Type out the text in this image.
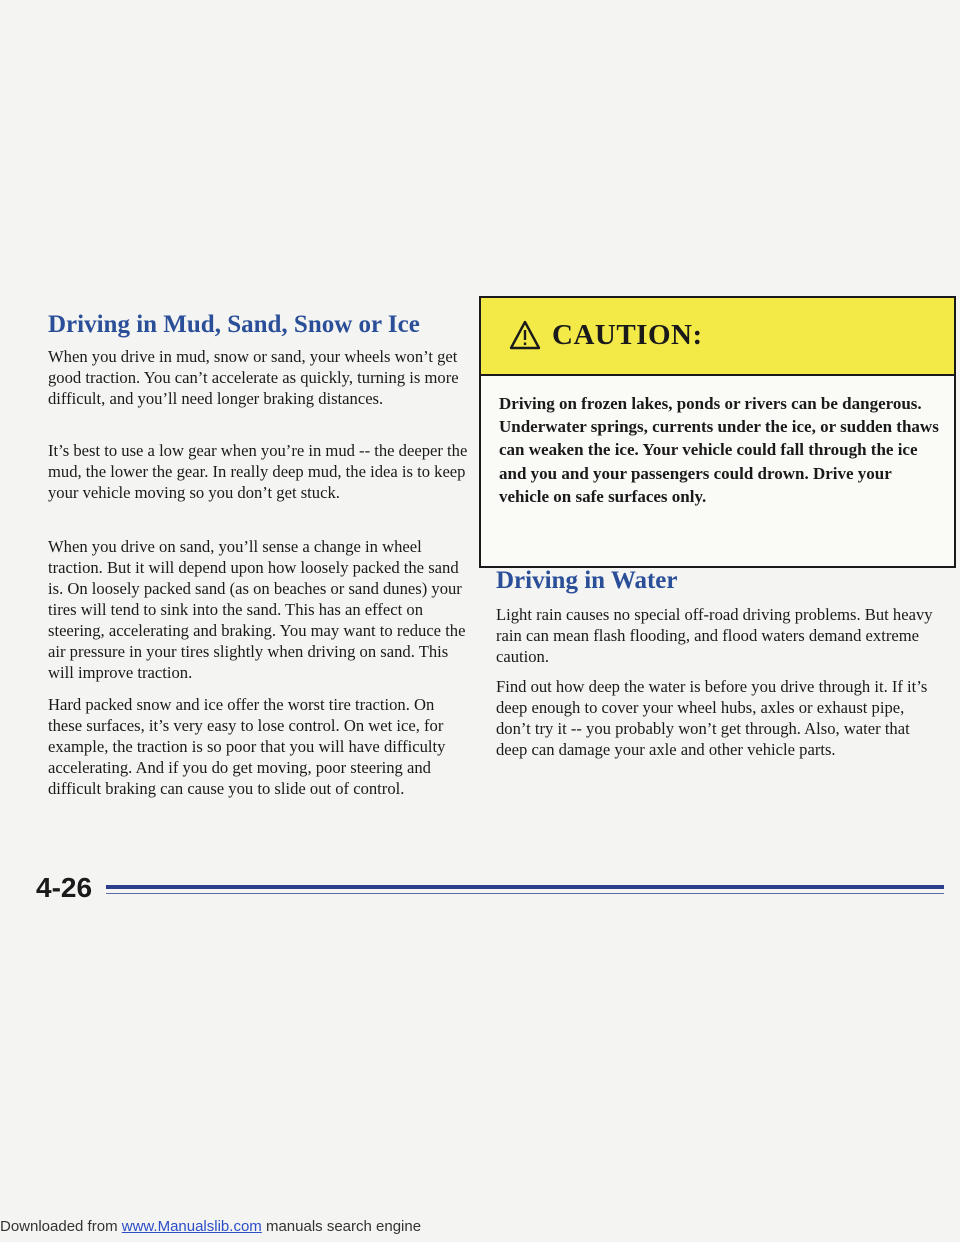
Driving in Mud, Sand, Snow or Ice

When you drive in mud, snow or sand, your wheels won’t get good traction. You can’t accelerate as quickly, turning is more difficult, and you’ll need longer braking distances.

It’s best to use a low gear when you’re in mud -- the deeper the mud, the lower the gear. In really deep mud, the idea is to keep your vehicle moving so you don’t get stuck.

When you drive on sand, you’ll sense a change in wheel traction. But it will depend upon how loosely packed the sand is. On loosely packed sand (as on beaches or sand dunes) your tires will tend to sink into the sand. This has an effect on steering, accelerating and braking. You may want to reduce the air pressure in your tires slightly when driving on sand. This will improve traction.

Hard packed snow and ice offer the worst tire traction. On these surfaces, it’s very easy to lose control. On wet ice, for example, the traction is so poor that you will have difficulty accelerating. And if you do get moving, poor steering and difficult braking can cause you to slide out of control.

CAUTION:

Driving on frozen lakes, ponds or rivers can be dangerous. Underwater springs, currents under the ice, or sudden thaws can weaken the ice. Your vehicle could fall through the ice and you and your passengers could drown. Drive your vehicle on safe surfaces only.

Driving in Water

Light rain causes no special off-road driving problems. But heavy rain can mean flash flooding, and flood waters demand extreme caution.

Find out how deep the water is before you drive through it. If it’s deep enough to cover your wheel hubs, axles or exhaust pipe, don’t try it -- you probably won’t get through. Also, water that deep can damage your axle and other vehicle parts.

4-26

Downloaded from www.Manualslib.com manuals search engine
